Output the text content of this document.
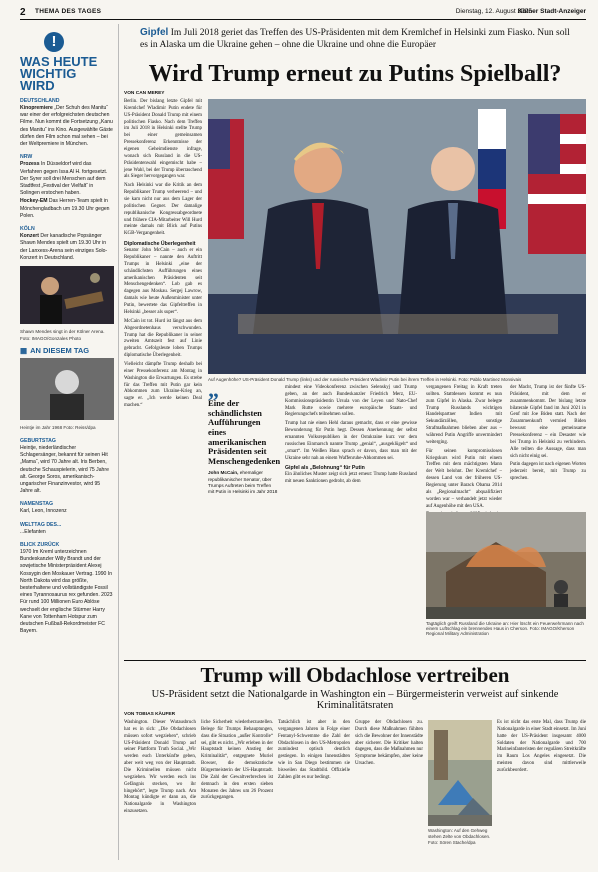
2 THEMA DES TAGES	Dienstag, 12. August 2025
Kölner Stadt-Anzeiger
!
WAS HEUTE
WICHTIG
WIRD
DEUTSCHLAND

Kinopremiere „Der Schuh des Manitu“ war einer der erfolgreichsten deutschen Filme. Nun kommt die Fortsetzung „Kanu des Manitu“ ins Kino. Ausgewählte Gäste dürfen den Film schon mal sehen – bei der Weltpremiere in München.

NRW

Prozess In Düsseldorf wird das Verfahren gegen Issa Al H. fortgesetzt. Der Syrer soll drei Menschen auf dem Stadtfest „Festival der Vielfalt“ in Solingen erstochen haben.

Hockey-EM Das Herren-Team spielt in Mönchengladbach um 19.30 Uhr gegen Polen.

KÖLN

Konzert Der kanadische Popsänger Shawn Mendes spielt um 19.30 Uhr in der Lanxess-Arena sein einziges Solo-Konzert in Deutschland.

Shawn Mendes singt in der Kölner Arena. Foto: IMAGO/Gonzales Photo
▦ AN DIESEM TAG
Heintje im Jahr 1968 Foto: Reiss/dpa
GEBURTSTAG

Heintje, niederländischer Schlagersänger, bekannt für seinen Hit „Mama“, wird 70 Jahre alt. Iris Berben, deutsche Schauspielerin, wird 75 Jahre alt. George Soros, amerikanisch-ungarischer Finanzinvestor, wird 95 Jahre alt.

NAMENSTAG

Karl, Leon, Innozenz

WELTTAG DES...

...Elefanten

BLICK ZURÜCK

1970 Im Kreml unterzeichnen Bundeskanzler Willy Brandt und der sowjetische Ministerpräsident Alexej Kossygin den Moskauer Vertrag. 1990 In North Dakota wird das größte, besterhaltene und vollständigste Fossil eines Tyrannosaurus rex gefunden. 2023 Für rund 100 Millionen Euro Ablöse wechselt der englische Stürmer Harry Kane von Tottenham Hotspur zum deutschen Fußball-Rekordmeister FC Bayern.

Gipfel Im Juli 2018 geriet das Treffen des US-Präsidenten mit dem Kremlchef in Helsinki zum Fiasko. Nun soll es in Alaska um die Ukraine gehen – ohne die Ukraine und ohne die Europäer
Wird Trump erneut zu Putins Spielball?
VON CAN MEREY

Berlin. Der bislang letzte Gipfel mit Kremlchef Wladimir Putin endete für US-Präsident Donald Trump mit einem politischen Fiasko. Nach dem Treffen im Juli 2018 in Helsinki stellte Trump bei einer gemeinsamen Pressekonferenz Erkenntnisse der eigenen Geheimdienste infrage, wonach sich Russland in die US-Präsidentenwahl eingemischt habe – jene Wahl, bei der Trump überraschend als Sieger hervorgegangen war.

Nach Helsinki war die Kritik an dem Republikaner Trump verheerend – und sie kam nicht nur aus dem Lager der politischen Gegner. Der damalige republikanische Kongressabgeordnete und frühere CIA-Mitarbeiter Will Hurd meinte damals mit Blick auf Putins KGB-Vergangenheit.

Diplomatische Überlegenheit

Senator John McCain – auch er ein Republikaner – nannte den Auftritt Trumps in Helsinki „eine der schändlichsten Aufführungen eines amerikanischen Präsidenten seit Menschengedenken“. Lob gab es dagegen aus Moskau. Sergej Lawrow, damals wie heute Außenminister unter Putin, bewertete das Gipfeltreffen in Helsinki „besser als super“.

McCain ist tot. Hurd ist längst aus dem Abgeordnetenhaus verschwunden. Trump hat die Republikaner in seiner zweiten Amtszeit fest auf Linie gebracht. Gefolgsleute loben Trumps diplomatische Überlegenheit.

Vielleicht dämpfte Trump deshalb bei einer Pressekonferenz am Montag in Washington die Erwartungen. Es strebe für das Treffen mit Putin gar kein Abkommen zum Ukraine-Krieg an, sagte er. „Ich werde keinen Deal machen.“

Auf Augenhöhe? US-Präsident Donald Trump (links) und der russische Präsident Wladimir Putin bei ihrem Treffen in Helsinki. Foto: Pablo Martinez Monsivais
„
Eine der schändlichsten Aufführungen eines amerikanischen Präsidenten seit Menschengedenken
John McCain, ehemaliger republikanischer Senator, über Trumps Auftreten beim Treffen mit Putin in Helsinki im Jahr 2018

mindest eine Videokonferenz zwischen Selenskyj und Trump geben, an der auch Bundeskanzler Friedrich Merz, EU-Kommissionspräsidentin Ursula von der Leyen und Nato-Chef Mark Rutte sowie mehrere europäische Staats- und Regierungschefs teilnehmen sollen.

Trump hat nie einen Hehl daraus gemacht, dass er eine gewisse Bewunderung für Putin hegt. Dessen Anerkennung der selbst ernannten Volksrepubliken in der Ostukraine kurz vor dem russischen Einmarsch nannte Trump „genial“, „ausgeklügelt“ und „smart“. Im Weißen Haus sprach er davon, dass man mit der Ukraine sehr nah an einem Waffenruhe-Abkommen sei.

Gipfel als „Belohnung“ für Putin

Ein ähnliches Muster zeigt sich jetzt erneut: Trump hatte Russland mit neuen Sanktionen gedroht, ab dem

vergangenen Freitag in Kraft treten sollten. Stattdessen kommt es nun zum Gipfel in Alaska. Zwar belegte Trump Russlands wichtigen Handelspartner Indien mit Sekundärzöllen, sonstige Strafmaßnahmen blieben aber aus – während Putin Angriffe unvermindert weiterging.

Für seinen kompromisslosen Kriegskurs wird Putin mit einem Treffen mit dem mächtigsten Mann der Welt belohnt. Der Kremlchef – dessen Land von der früheren US-Regierung unter Barack Obama 2014 als „Regionalmacht“ abqualifiziert worden war – verhandelt jetzt wieder auf Augenhöhe mit den USA.

der Macht, Trump ist der fünfte US-Präsident, mit dem er zusammenkommt. Der bislang letzte bilaterale Gipfel fand im Juni 2021 in Genf mit Joe Biden statt. Nach der Zusammenkunft vermied Biden bewusst eine gemeinsame Pressekonferenz – ein Desaster wie bei Trump in Helsinki zu verhindern. Alle teilten die Aussage, dass man sich nicht einig sei.

Putin dagegen ist nach eigenen Worten jederzeit bereit, mit Trump zu sprechen.

Tagtäglich greift Russland die Ukraine an: Hier löscht ein Feuerwehrmann nach einem Luftschlag ein brennendes Haus in Cherson. Foto: IMAGO/Kherson Regional Military Administration
Trump will Obdachlose vertreiben
US-Präsident setzt die Nationalgarde in Washington ein – Bürgermeisterin verweist auf sinkende Kriminalitätsraten
VON TOBIAS KÄUFER

Washington. Dieser Wutausbruch hat es in sich: „Die Obdachlosen müssen sofort wegziehen“, schrieb US-Präsident Donald Trump auf seiner Plattform Truth Social. „Wir werden euch Unterkünfte geben, aber weit weg von der Hauptstadt. Die Kriminellen müssen nicht wegziehen. Wir werden euch ins Gefängnis stecken, wo ihr hingehört“, legte Trump nach. Am Montag kündigte er dann an, die Nationalgarde in Washington einzusetzen.

liche Sicherheit wiederherzustellen. Belege für Trumps Behauptungen, dass die Situation „außer Kontrolle“ sei, gibt es nicht. „Wir erleben in der Hauptstadt keinen Anstieg der Kriminalität“, entgegnete Muriel Bowser, die demokratische Bürgermeisterin der US-Hauptstadt. Die Zahl der Gewaltverbrechen ist demnach in den ersten sieben Monaten des Jahres um 26 Prozent zurückgegangen.

Tatsächlich ist aber in den vergangenen Jahren in Folge einer Fentanyl-Schwemme die Zahl der Obdachlosen in den US-Metropolen zumindest optisch deutlich gestiegen. In einigen Innenstädten wie in San Diego bestimmen sie bisweilen das Stadtbild. Offizielle Zahlen gibt es nur bedingt.

Gruppe der Obdachlosen zu. Durch diese Maßnahmen fühlten sich die Bewohner der Innenstädte aber sicherer. Die Kritiker halten dagegen, dass die Maßnahmen nur Symptome bekämpfen, aber keine Ursachen.

Washington: Auf den Gehweg stehen Zelte von Obdachlosen. Foto: Sören Stache/dpa

Es ist nicht das erste Mal, dass Trump die Nationalgarde in einer Stadt einsetzt. Im Juni hatte der US-Präsident insgesamt 4000 Soldaten der Nationalgarde und 700 Marineinfanteristen der regulären Streitkräfte im Raum Los Angeles eingesetzt. Die meisten davon sind mittlerweile zurückbeordert.
